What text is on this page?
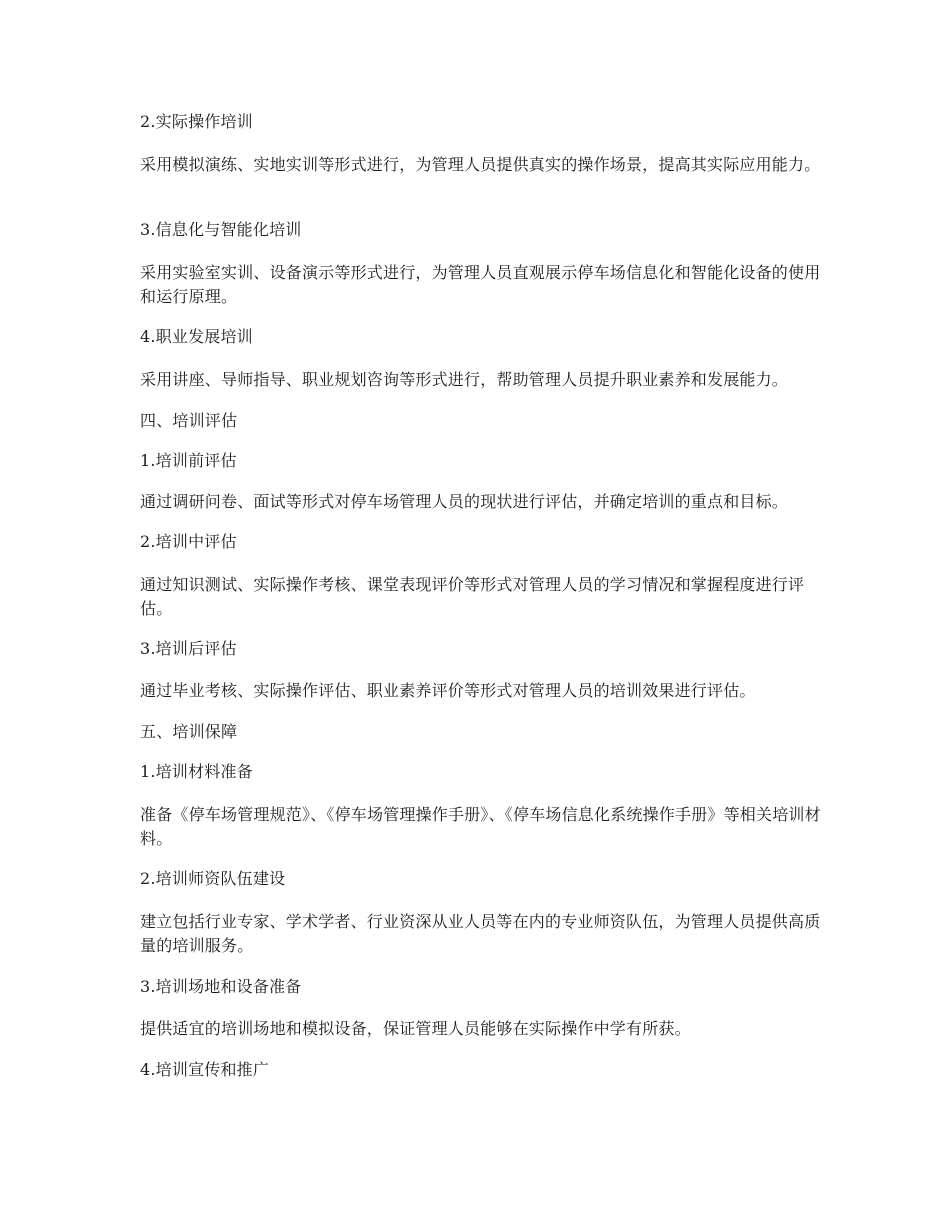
2.实际操作培训
采用模拟演练、实地实训等形式进行，为管理人员提供真实的操作场景，提高其实际应用能力。
3.信息化与智能化培训
采用实验室实训、设备演示等形式进行，为管理人员直观展示停车场信息化和智能化设备的使用和运行原理。
4.职业发展培训
采用讲座、导师指导、职业规划咨询等形式进行，帮助管理人员提升职业素养和发展能力。
四、培训评估
1.培训前评估
通过调研问卷、面试等形式对停车场管理人员的现状进行评估，并确定培训的重点和目标。
2.培训中评估
通过知识测试、实际操作考核、课堂表现评价等形式对管理人员的学习情况和掌握程度进行评估。
3.培训后评估
通过毕业考核、实际操作评估、职业素养评价等形式对管理人员的培训效果进行评估。
五、培训保障
1.培训材料准备
准备《停车场管理规范》、《停车场管理操作手册》、《停车场信息化系统操作手册》等相关培训材料。
2.培训师资队伍建设
建立包括行业专家、学术学者、行业资深从业人员等在内的专业师资队伍，为管理人员提供高质量的培训服务。
3.培训场地和设备准备
提供适宜的培训场地和模拟设备，保证管理人员能够在实际操作中学有所获。
4.培训宣传和推广
